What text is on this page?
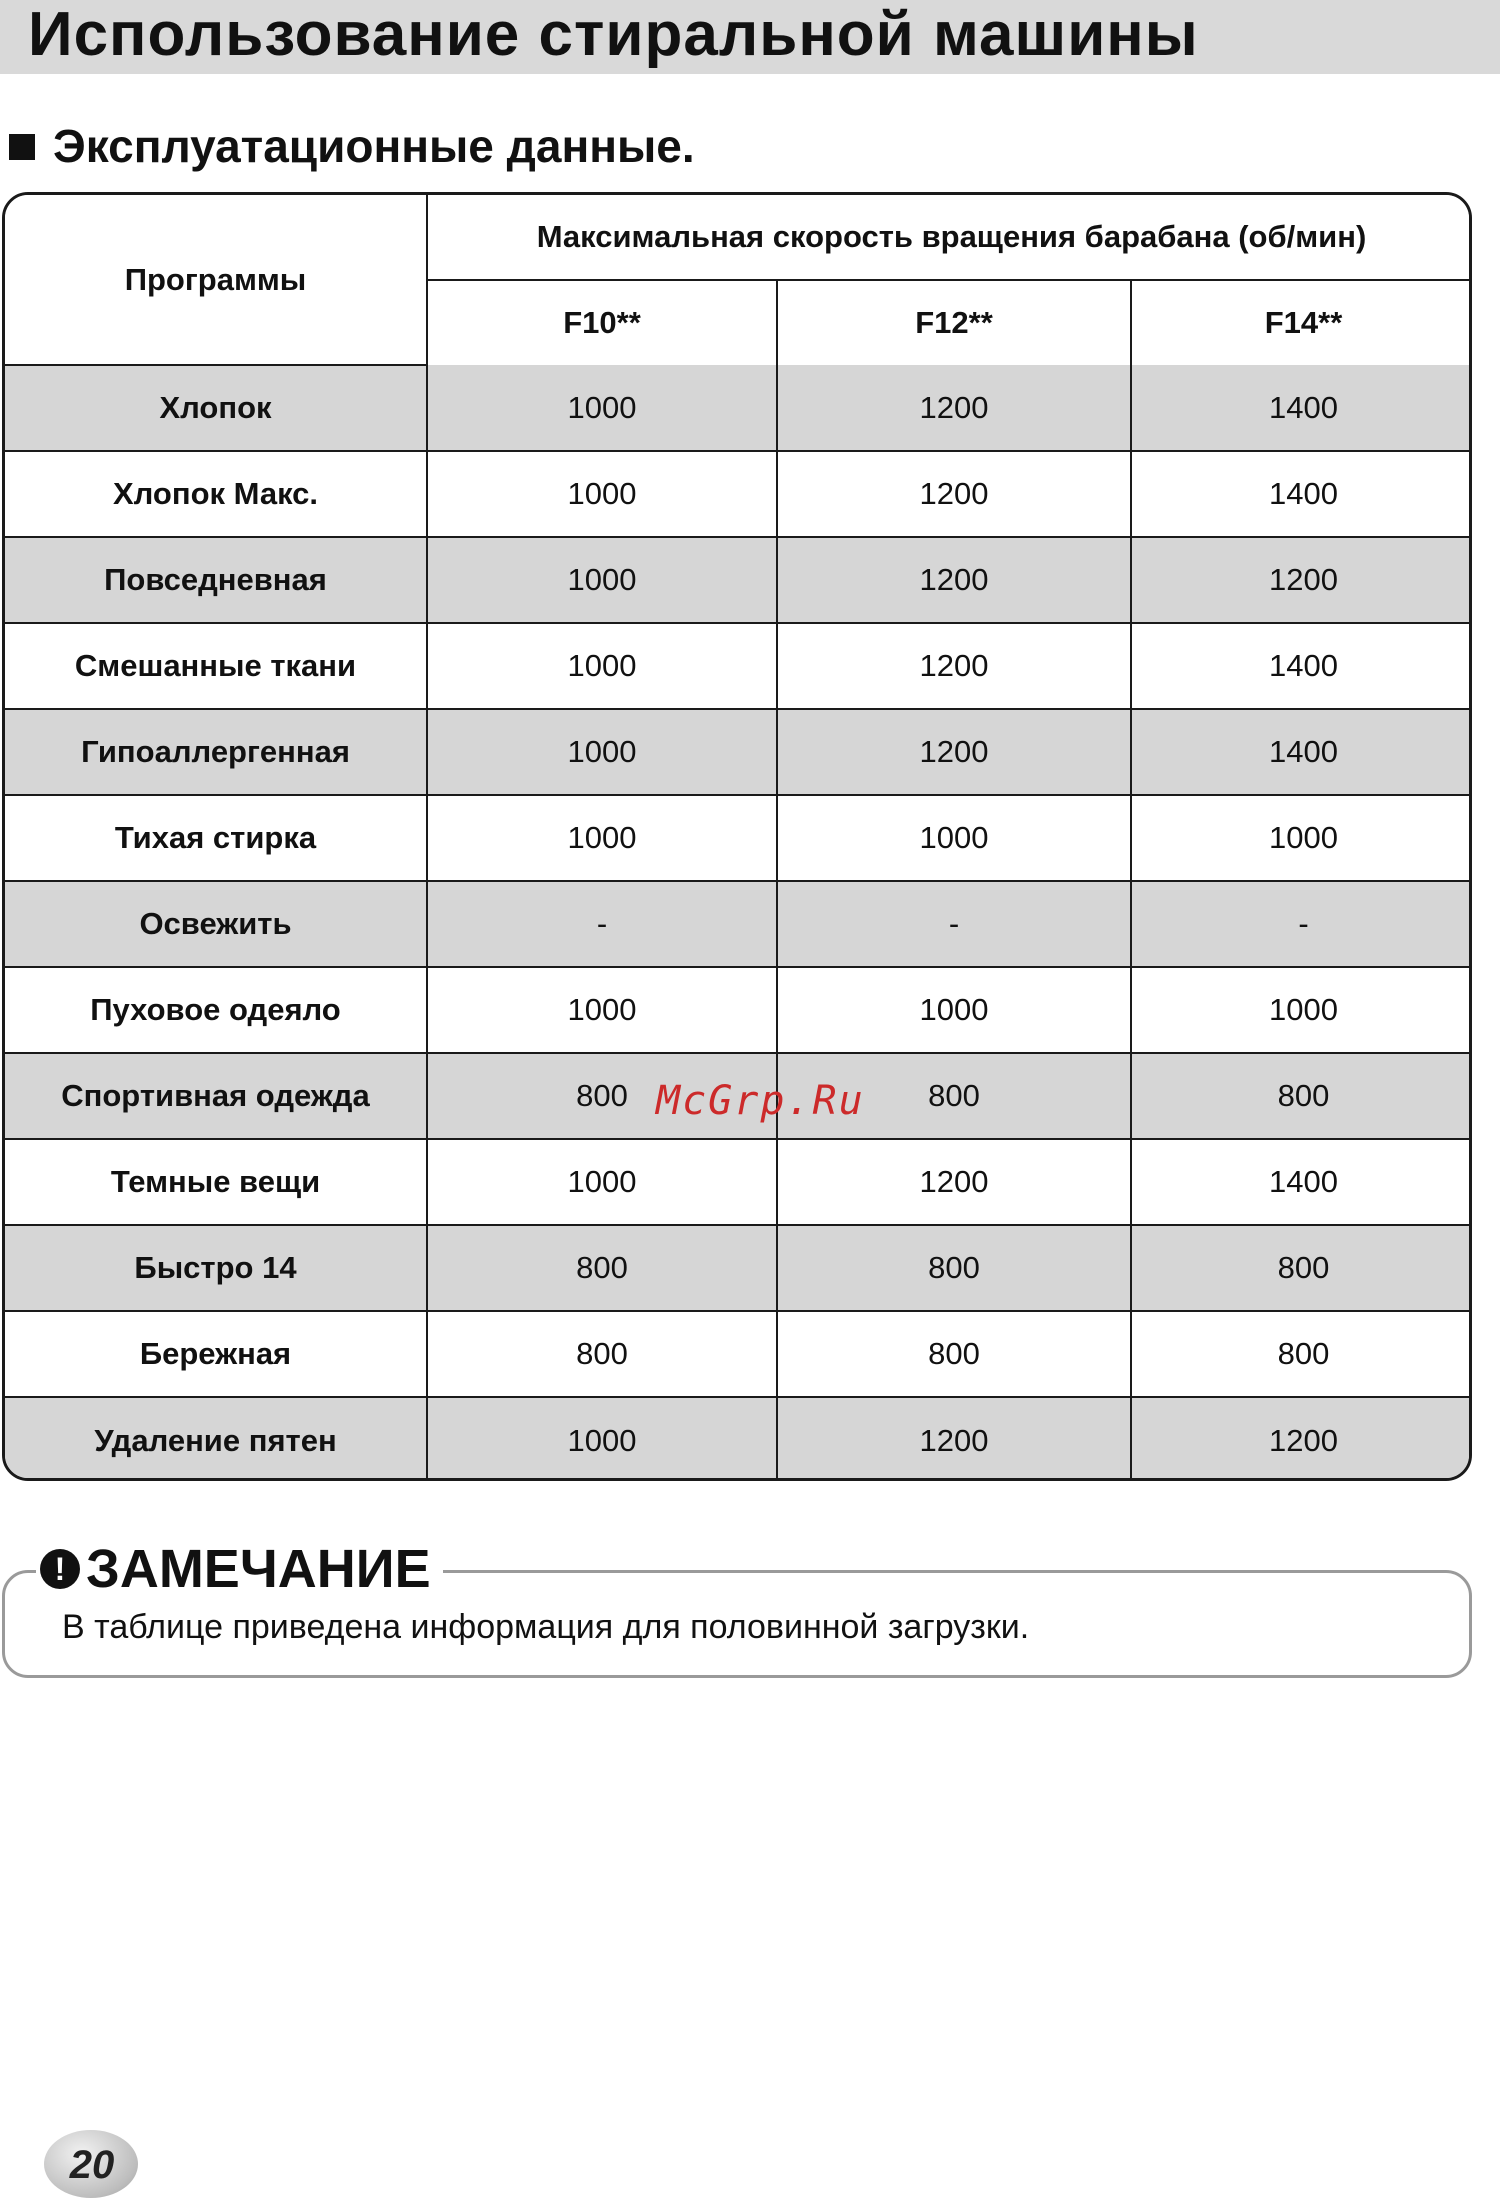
Использование стиральной машины
Эксплуатационные данные.
Программы	Максимальная скорость вращения барабана (об/мин)		
	F10**	F12**	F14**
Хлопок	1000	1200	1400
Хлопок Макс.	1000	1200	1400
Повседневная	1000	1200	1200
Смешанные ткани	1000	1200	1400
Гипоаллергенная	1000	1200	1400
Тихая стирка	1000	1000	1000
Освежить	-	-	-
Пуховое одеяло	1000	1000	1000
Спортивная одежда	800	800	800
Темные вещи	1000	1200	1400
Быстро 14	800	800	800
Бережная	800	800	800
Удаление пятен	1000	1200	1200
McGrp.Ru
! ЗАМЕЧАНИЕ
В таблице приведена информация для половинной загрузки.
20
